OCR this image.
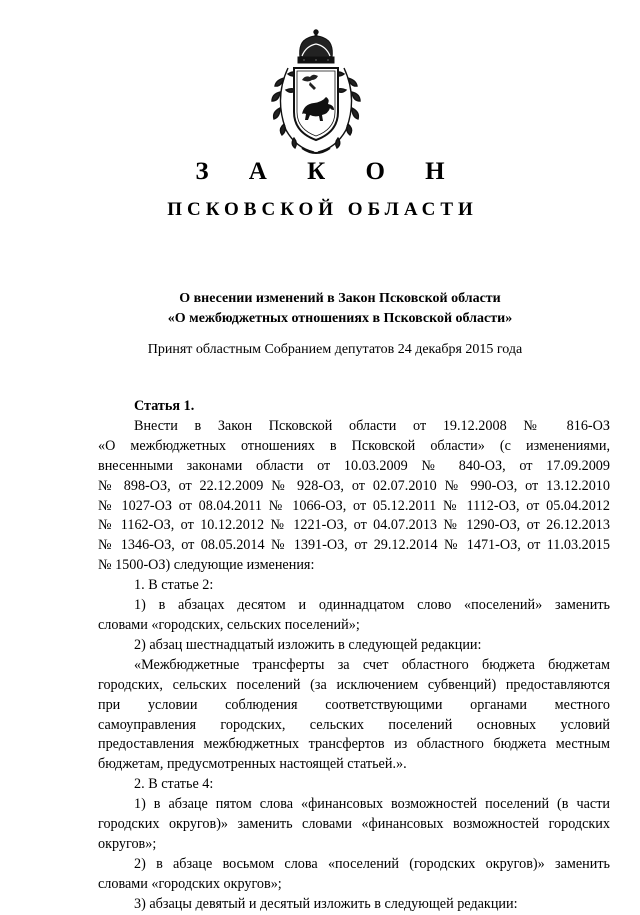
З А К О Н
ПСКОВСКОЙ ОБЛАСТИ
О внесении изменений в Закон Псковской области
«О межбюджетных отношениях в Псковской области»
Принят областным Собранием депутатов 24 декабря 2015 года

Статья 1.

Внести в Закон Псковской области от 19.12.2008 № 816-ОЗ
«О межбюджетных отношениях в Псковской области» (с изменениями,
внесенными законами области от 10.03.2009 № 840-ОЗ, от 17.09.2009
№ 898-ОЗ, от 22.12.2009 № 928-ОЗ, от 02.07.2010 № 990-ОЗ, от 13.12.2010
№ 1027-ОЗ от 08.04.2011 № 1066-ОЗ, от 05.12.2011 № 1112-ОЗ, от 05.04.2012
№ 1162-ОЗ, от 10.12.2012 № 1221-ОЗ, от 04.07.2013 № 1290-ОЗ, от 26.12.2013
№ 1346-ОЗ, от 08.05.2014 № 1391-ОЗ, от 29.12.2014 № 1471-ОЗ, от 11.03.2015
№ 1500-ОЗ) следующие изменения:

1. В статье 2:

1) в абзацах десятом и одиннадцатом слово «поселений» заменить
словами «городских, сельских поселений»;

2) абзац шестнадцатый изложить в следующей редакции:

«Межбюджетные трансферты за счет областного бюджета бюджетам
городских, сельских поселений (за исключением субвенций) предоставляются
при условии соблюдения соответствующими органами местного
самоуправления городских, сельских поселений основных условий
предоставления межбюджетных трансфертов из областного бюджета местным
бюджетам, предусмотренных настоящей статьей.».

2. В статье 4:

1) в абзаце пятом слова «финансовых возможностей поселений (в части
городских округов)» заменить словами «финансовых возможностей городских
округов»;
2) в абзаце восьмом слова «поселений (городских округов)» заменить
словами «городских округов»;

3) абзацы девятый и десятый изложить в следующей редакции:
